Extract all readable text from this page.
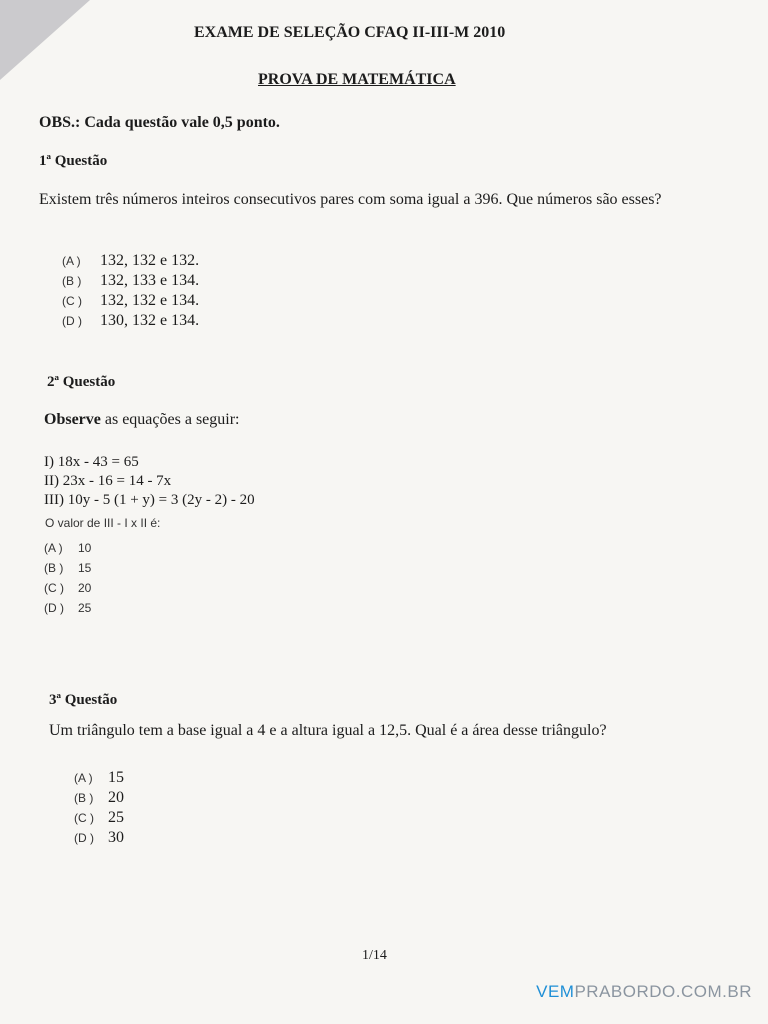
EXAME DE SELEÇÃO CFAQ II-III-M 2010
PROVA DE MATEMÁTICA
OBS.: Cada questão vale 0,5 ponto.
1ª Questão
Existem três números inteiros consecutivos pares com soma igual a 396. Que números são esses?
(A )	132, 132 e 132.
(B )	132, 133 e 134.
(C )	132, 132 e 134.
(D )	130, 132 e 134.
2ª Questão
Observe as equações a seguir:
I) 18x - 43 = 65
II) 23x - 16 = 14 - 7x
III) 10y - 5 (1 + y) = 3 (2y - 2) - 20
O valor de III - I x II é:
(A )	10
(B )	15
(C )	20
(D )	25
3ª Questão
Um triângulo tem a base igual a 4 e a altura igual a 12,5. Qual é a área desse triângulo?
(A ) 15
(B ) 20
(C ) 25
(D ) 30
1/14
VEMPRABORDO.COM.BR
